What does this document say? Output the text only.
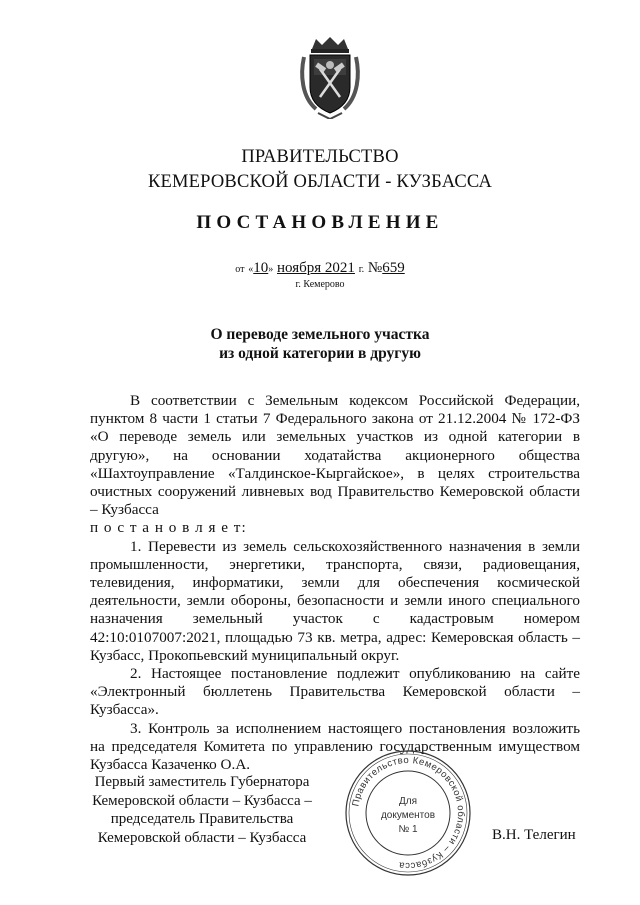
ПРАВИТЕЛЬСТВО
КЕМЕРОВСКОЙ ОБЛАСТИ - КУЗБАССА
ПОСТАНОВЛЕНИЕ
от «10» ноября 2021 г. №659
г. Кемерово
О переводе земельного участка
из одной категории в другую

В соответствии с Земельным кодексом Российской Федерации, пунктом 8 части 1 статьи 7 Федерального закона от 21.12.2004 № 172-ФЗ «О переводе земель или земельных участков из одной категории в другую», на основании ходатайства акционерного общества «Шахтоуправление «Талдинское-Кыргайское», в целях строительства очистных сооружений ливневых вод Правительство Кемеровской области – Кузбасса

п о с т а н о в л я е т:

1. Перевести из земель сельскохозяйственного назначения в земли промышленности, энергетики, транспорта, связи, радиовещания, телевидения, информатики, земли для обеспечения космической деятельности, земли обороны, безопасности и земли иного специального назначения земельный участок с кадастровым номером 42:10:0107007:2021, площадью 73 кв. метра, адрес: Кемеровская область – Кузбасс, Прокопьевский муниципальный округ.

2. Настоящее постановление подлежит опубликованию на сайте «Электронный бюллетень Правительства Кемеровской области – Кузбасса».

3. Контроль за исполнением настоящего постановления возложить на председателя Комитета по управлению государственным имуществом Кузбасса Казаченко О.А.

Первый заместитель Губернатора
Кемеровской области – Кузбасса –
председатель Правительства
Кемеровской области – Кузбасса
Правительство Кемеровской области – Кузбасса
Для
документов
№ 1	В.Н. Телегин
